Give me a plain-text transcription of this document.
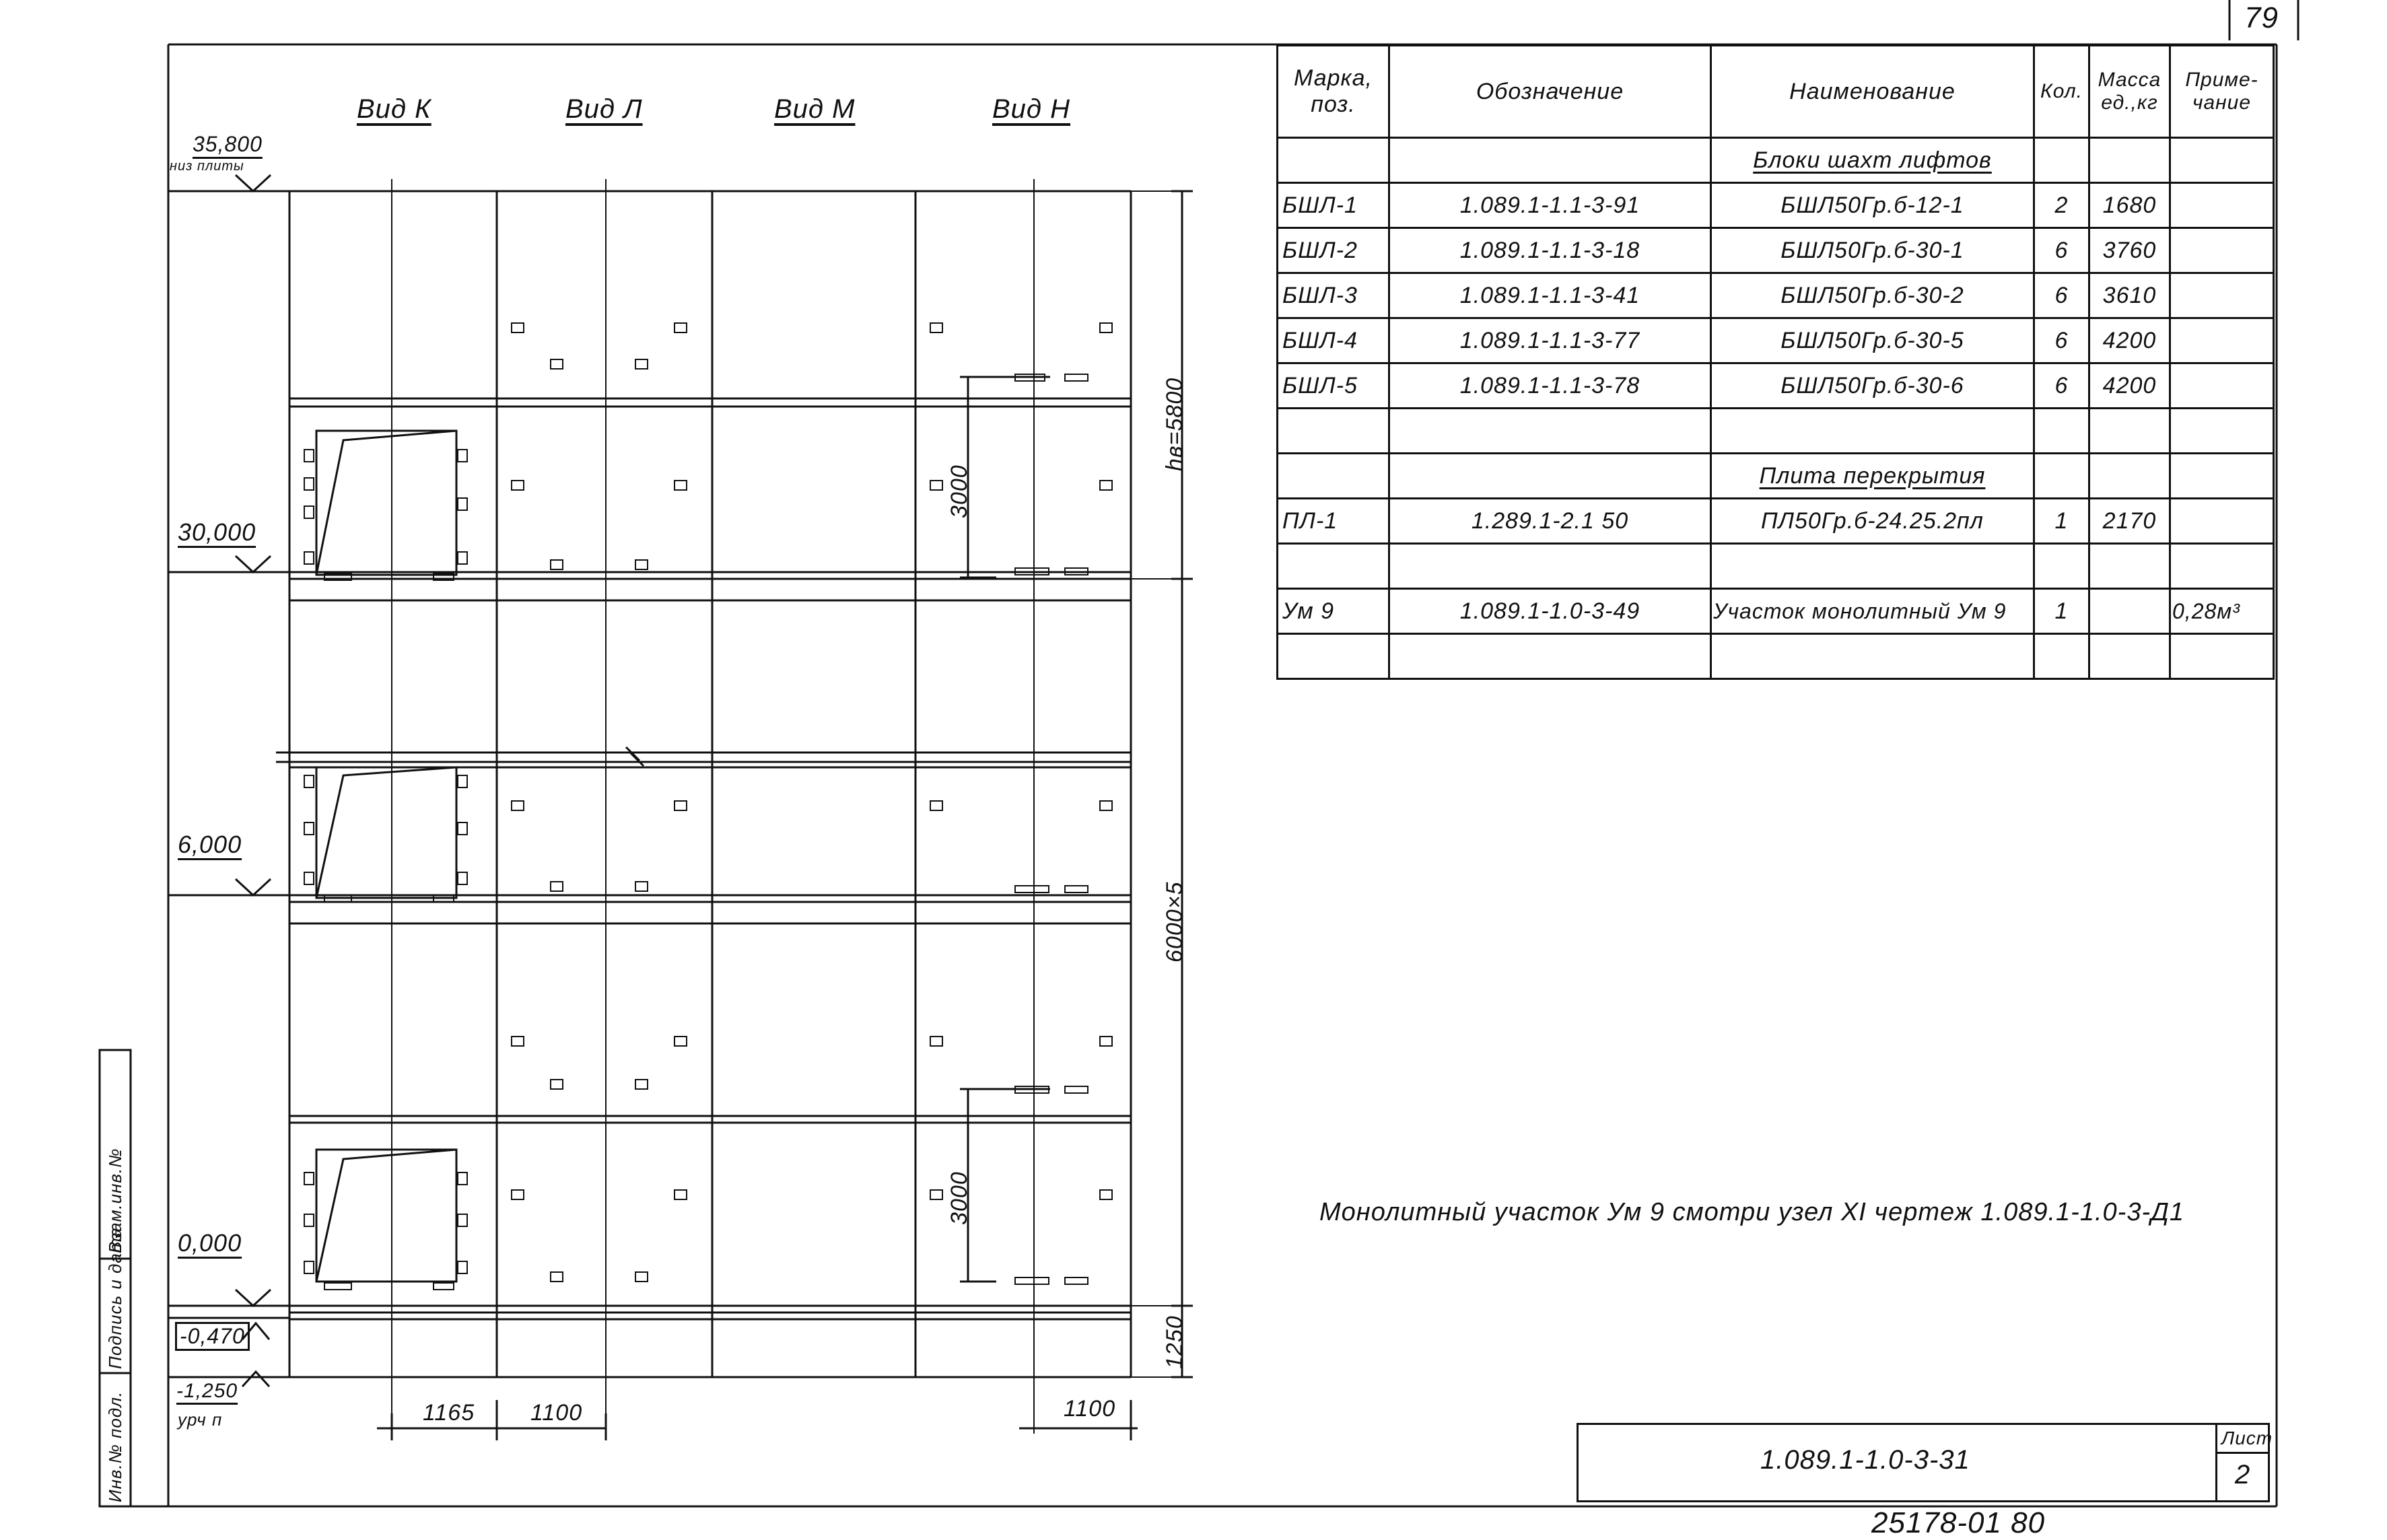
79
Вид К	Вид Л	Вид М	Вид Н
35,800
низ плиты
30,000
6,000
0,000
-0,470
-1,250
урч п
hв=5800
6000×5
1250
3000
3000
1165 1100	1100
Марка, поз.	Обозначение	Наименование	Кол.	Масса ед.,кг	Приме- чание
		Блоки шахт лифтов			
БШЛ-1	1.089.1-1.1-3-91	БШЛ50Гр.б-12-1	2	1680	
БШЛ-2	1.089.1-1.1-3-18	БШЛ50Гр.б-30-1	6	3760	
БШЛ-3	1.089.1-1.1-3-41	БШЛ50Гр.б-30-2	6	3610	
БШЛ-4	1.089.1-1.1-3-77	БШЛ50Гр.б-30-5	6	4200	
БШЛ-5	1.089.1-1.1-3-78	БШЛ50Гр.б-30-6	6	4200	

		Плита перекрытия			
ПЛ-1	1.289.1-2.1 50	ПЛ50Гр.б-24.25.2пл	1	2170	

Ум 9	1.089.1-1.0-3-49	Участок монолитный Ум 9	1		0,28м³

Монолитный участок Ум 9 смотри узел XI чертеж 1.089.1-1.0-3-Д1
Инв.№ подл.
Подпись и дата
Взам.инв.№
1.089.1-1.0-3-31
Лист
2
25178-01 80
